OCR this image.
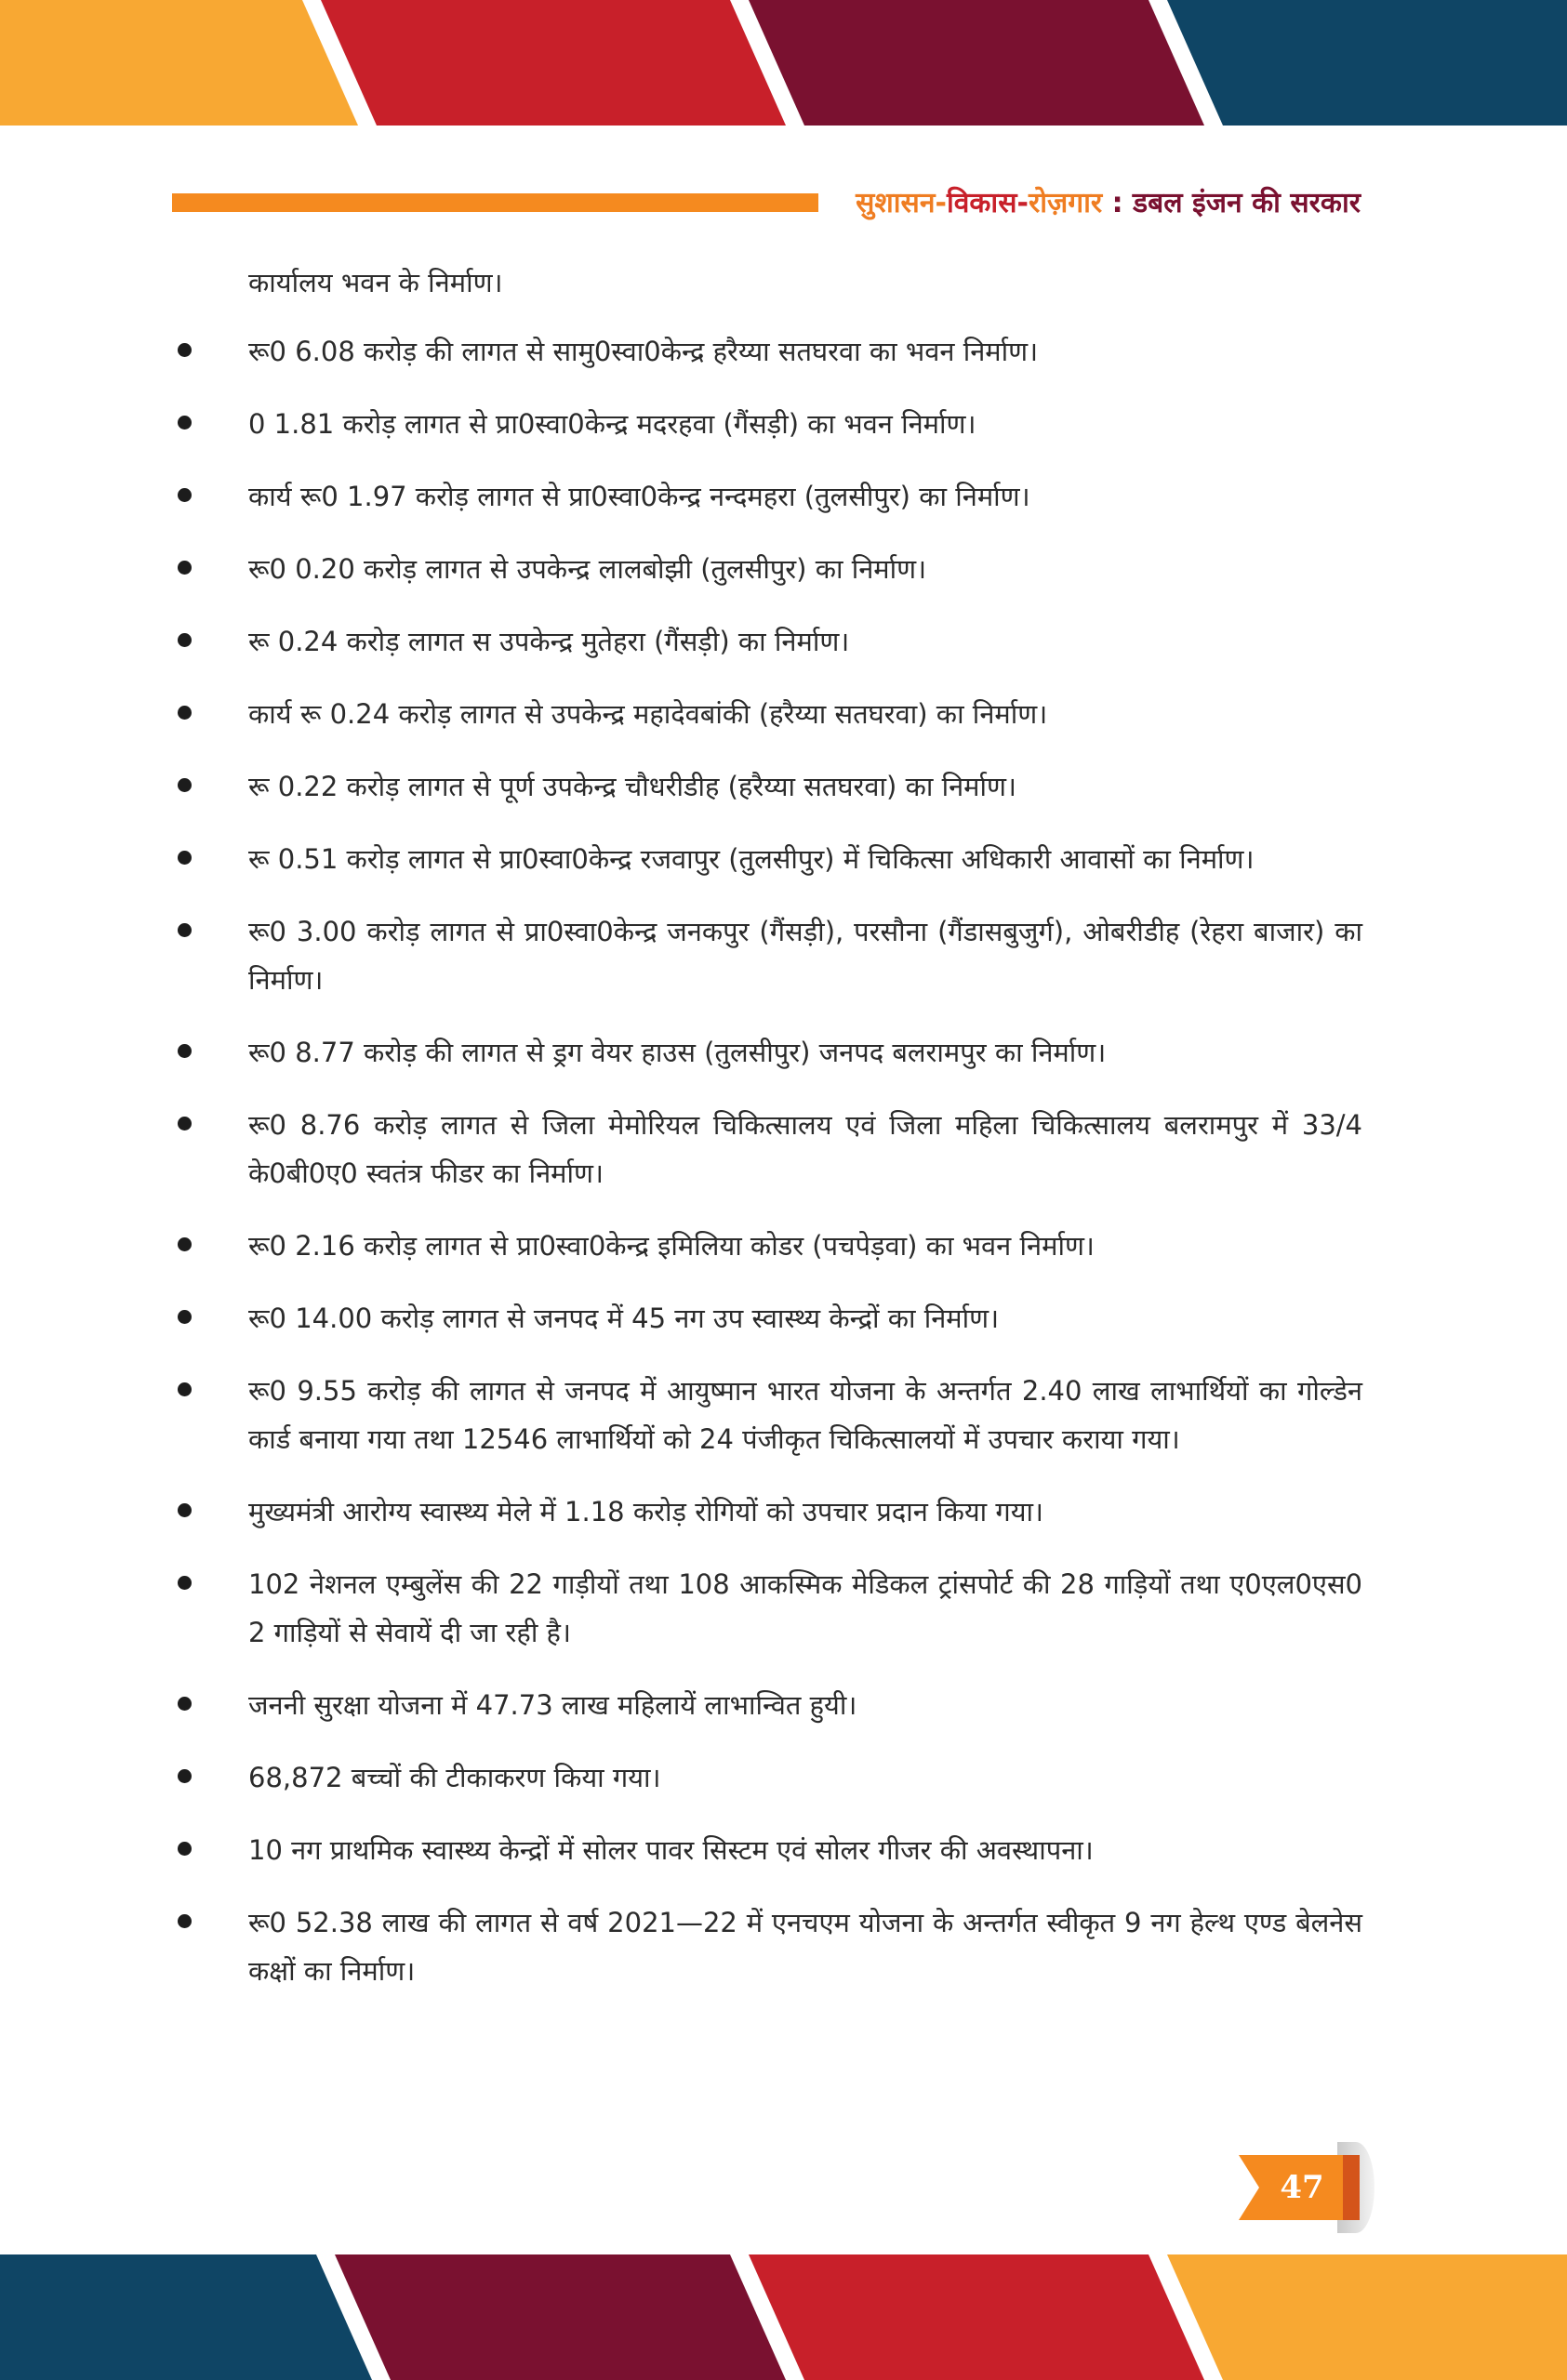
सुशासन-विकास-रोज़गार : डबल इंजन की सरकार

कार्यालय भवन के निर्माण।

रू0 6.08 करोड़ की लागत से सामु0स्वा0केन्द्र हरैय्या सतघरवा का भवन निर्माण।
0 1.81 करोड़ लागत से प्रा0स्वा0केन्द्र मदरहवा (गैंसड़ी) का भवन निर्माण।
कार्य रू0 1.97 करोड़ लागत से प्रा0स्वा0केन्द्र नन्दमहरा (तुलसीपुर) का निर्माण।
रू0 0.20 करोड़ लागत से उपकेन्द्र लालबोझी (तुलसीपुर) का निर्माण।
रू 0.24 करोड़ लागत स उपकेन्द्र मुतेहरा (गैंसड़ी) का निर्माण।
कार्य रू 0.24 करोड़ लागत से उपकेन्द्र महादेवबांकी (हरैय्या सतघरवा) का निर्माण।
रू 0.22 करोड़ लागत से पूर्ण उपकेन्द्र चौधरीडीह (हरैय्या सतघरवा) का निर्माण।
रू 0.51 करोड़ लागत से प्रा0स्वा0केन्द्र रजवापुर (तुलसीपुर) में चिकित्सा अधिकारी आवासों का निर्माण।
रू0 3.00 करोड़ लागत से प्रा0स्वा0केन्द्र जनकपुर (गैंसड़ी), परसौना (गैंडासबुजुर्ग), ओबरीडीह (रेहरा बाजार) का निर्माण।
रू0 8.77 करोड़ की लागत से ड्रग वेयर हाउस (तुलसीपुर) जनपद बलरामपुर का निर्माण।
रू0 8.76 करोड़ लागत से जिला मेमोरियल चिकित्सालय एवं जिला महिला चिकित्सालय बलरामपुर में 33/4 के0बी0ए0 स्वतंत्र फीडर का निर्माण।
रू0 2.16 करोड़ लागत से प्रा0स्वा0केन्द्र इमिलिया कोडर (पचपेड़वा) का भवन निर्माण।
रू0 14.00 करोड़ लागत से जनपद में 45 नग उप स्वास्थ्य केन्द्रों का निर्माण।
रू0 9.55 करोड़ की लागत से जनपद में आयुष्मान भारत योजना के अन्तर्गत 2.40 लाख लाभार्थियों का गोल्डेन कार्ड बनाया गया तथा 12546 लाभार्थियों को 24 पंजीकृत चिकित्सालयों में उपचार कराया गया।
मुख्यमंत्री आरोग्य स्वास्थ्य मेले में 1.18 करोड़ रोगियों को उपचार प्रदान किया गया।
102 नेशनल एम्बुलेंस की 22 गाड़ीयों तथा 108 आकस्मिक मेडिकल ट्रांसपोर्ट की 28 गाड़ियों तथा ए0एल0एस0 2 गाड़ियों से सेवायें दी जा रही है।
जननी सुरक्षा योजना में 47.73 लाख महिलायें लाभान्वित हुयी।
68,872 बच्चों की टीकाकरण किया गया।
10 नग प्राथमिक स्वास्थ्य केन्द्रों में सोलर पावर सिस्टम एवं सोलर गीजर की अवस्थापना।
रू0 52.38 लाख की लागत से वर्ष 2021—22 में एनचएम योजना के अन्तर्गत स्वीकृत 9 नग हेल्थ एण्ड बेलनेस कक्षों का निर्माण।
47
